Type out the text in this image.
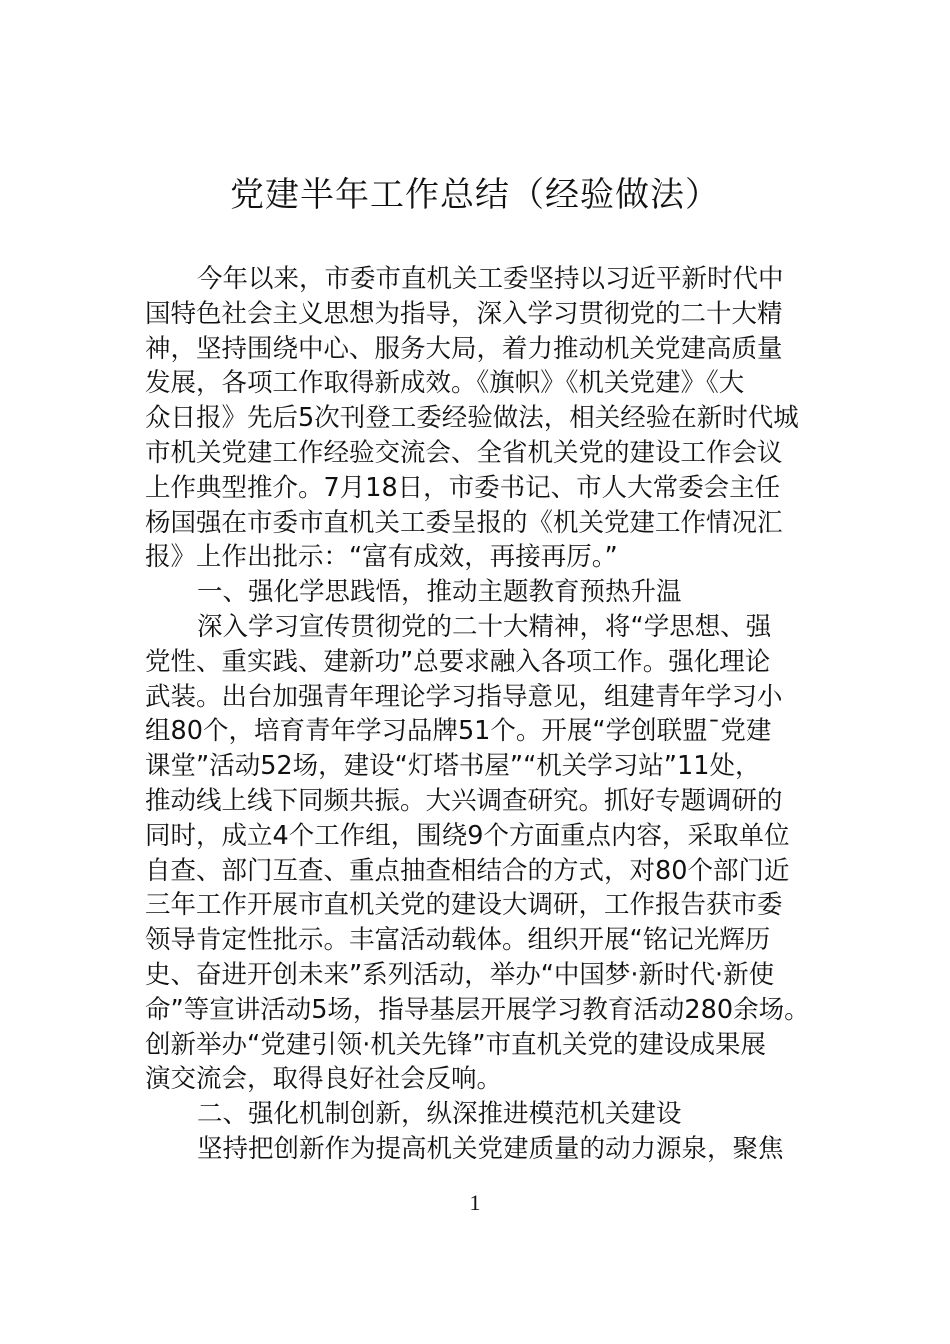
党建半年工作总结（经验做法）
今年以来，市委市直机关工委坚持以习近平新时代中
国特色社会主义思想为指导，深入学习贯彻党的二十大精
神，坚持围绕中心、服务大局，着力推动机关党建高质量
发展，各项工作取得新成效。《旗帜》《机关党建》《大
众日报》先后5次刊登工委经验做法，相关经验在新时代城
市机关党建工作经验交流会、全省机关党的建设工作会议
上作典型推介。7月18日，市委书记、市人大常委会主任
杨国强在市委市直机关工委呈报的《机关党建工作情况汇
报》上作出批示：“富有成效，再接再厉。”
一、强化学思践悟，推动主题教育预热升温
深入学习宣传贯彻党的二十大精神，将“学思想、强
党性、重实践、建新功”总要求融入各项工作。强化理论
武装。出台加强青年理论学习指导意见，组建青年学习小
组80个，培育青年学习品牌51个。开展“学创联盟¯党建
课堂”活动52场，建设“灯塔书屋”“机关学习站”11处，
推动线上线下同频共振。大兴调查研究。抓好专题调研的
同时，成立4个工作组，围绕9个方面重点内容，采取单位
自查、部门互查、重点抽查相结合的方式，对80个部门近
三年工作开展市直机关党的建设大调研，工作报告获市委
领导肯定性批示。丰富活动载体。组织开展“铭记光辉历
史、奋进开创未来”系列活动，举办“中国梦·新时代·新使
命”等宣讲活动5场，指导基层开展学习教育活动280余场。
创新举办“党建引领·机关先锋”市直机关党的建设成果展
演交流会，取得良好社会反响。
二、强化机制创新，纵深推进模范机关建设
坚持把创新作为提高机关党建质量的动力源泉，聚焦
1
